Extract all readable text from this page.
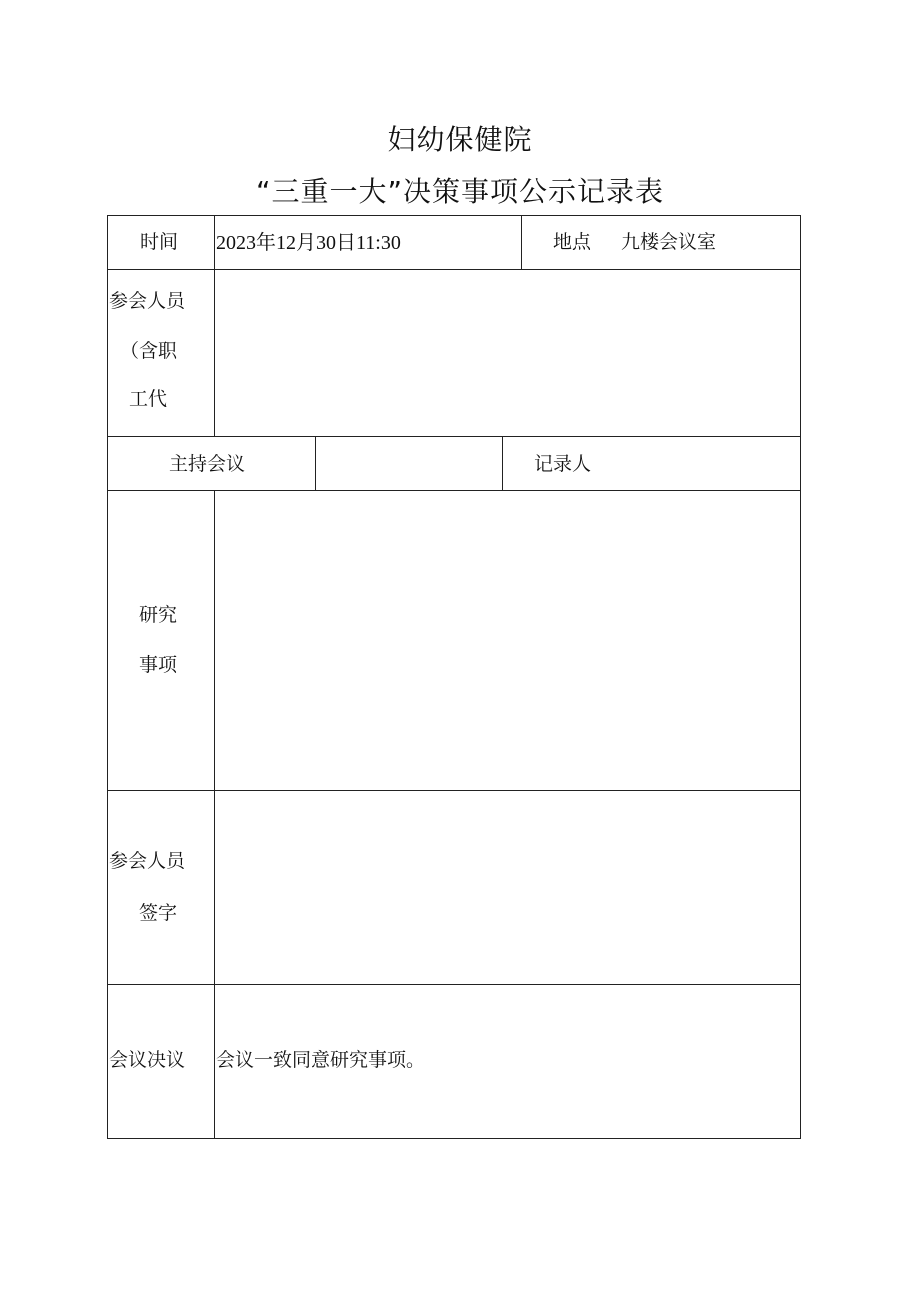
妇幼保健院
“三重一大”决策事项公示记录表
时间 2023年12月30日11:30	地点 九楼会议室
参会人员
（含职
工代
主持会议	记录人
研究
事项
参会人员
签字
会议决议 会议一致同意研究事项。
